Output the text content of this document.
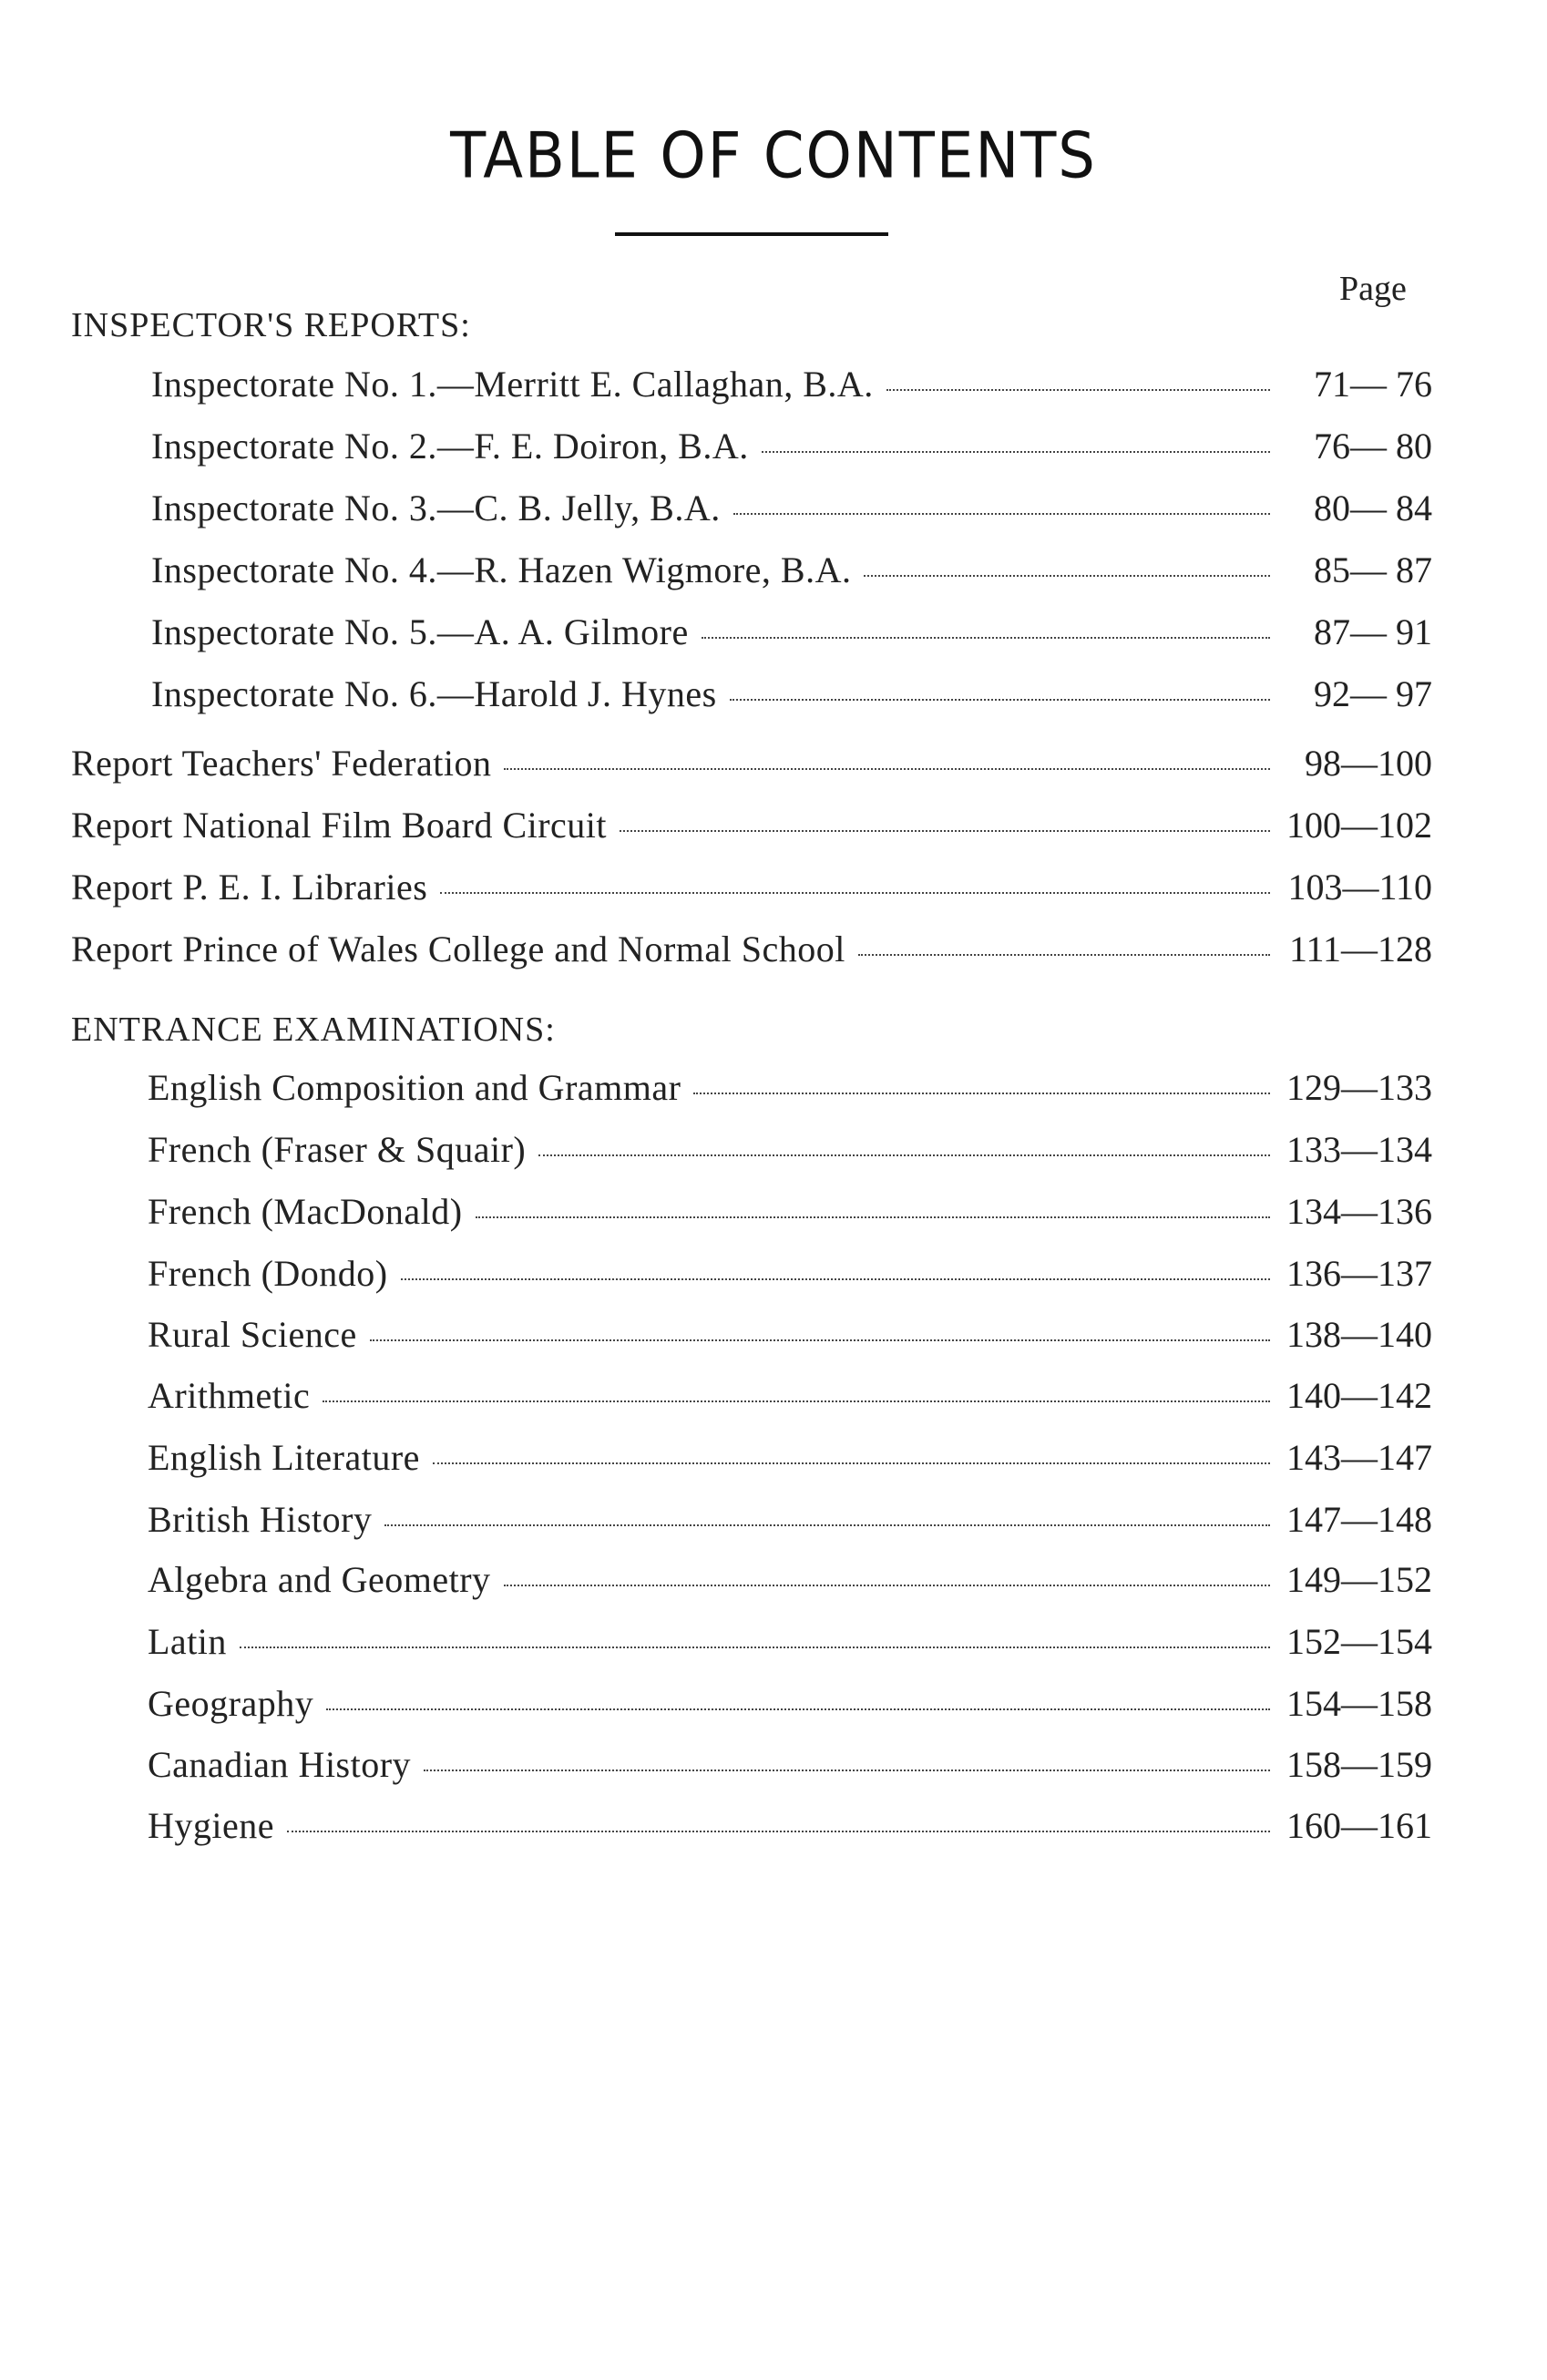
TABLE OF CONTENTS
Page
INSPECTOR'S REPORTS:
Inspectorate No. 1.—Merritt E. Callaghan, B.A.	71— 76
Inspectorate No. 2.—F. E. Doiron, B.A.	76— 80
Inspectorate No. 3.—C. B. Jelly, B.A.	80— 84
Inspectorate No. 4.—R. Hazen Wigmore, B.A.	85— 87
Inspectorate No. 5.—A. A. Gilmore	87— 91
Inspectorate No. 6.—Harold J. Hynes	92— 97
Report Teachers' Federation	98—100
Report National Film Board Circuit	100—102
Report P. E. I. Libraries	103—110
Report Prince of Wales College and Normal School	111—128
ENTRANCE EXAMINATIONS:
English Composition and Grammar	129—133
French (Fraser & Squair)	133—134
French (MacDonald)	134—136
French (Dondo)	136—137
Rural Science	138—140
Arithmetic	140—142
English Literature	143—147
British History	147—148
Algebra and Geometry	149—152
Latin	152—154
Geography	154—158
Canadian History	158—159
Hygiene	160—161
